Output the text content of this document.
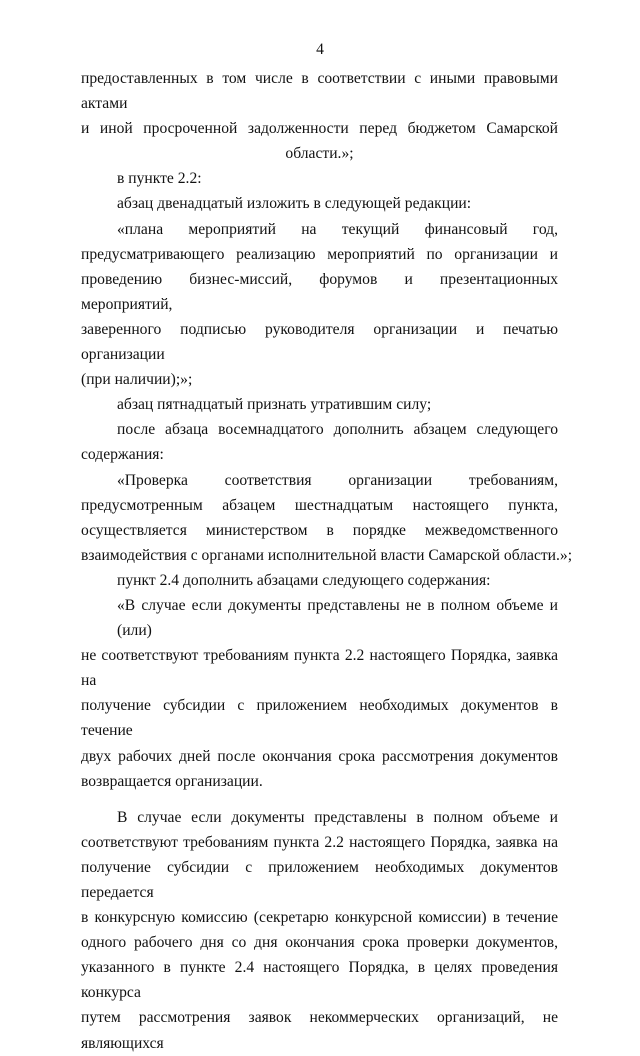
4
предоставленных в том числе в соответствии с иными правовыми актами
и иной просроченной задолженности перед бюджетом Самарской
области.»;
в пункте 2.2:
абзац двенадцатый изложить в следующей редакции:
«плана мероприятий на текущий финансовый год,
предусматривающего реализацию мероприятий по организации и
проведению бизнес-миссий, форумов и презентационных мероприятий,
заверенного подписью руководителя организации и печатью организации
(при наличии);»;
абзац пятнадцатый признать утратившим силу;
после абзаца восемнадцатого дополнить абзацем следующего
содержания:
«Проверка соответствия организации требованиям,
предусмотренным абзацем шестнадцатым настоящего пункта,
осуществляется министерством в порядке межведомственного
взаимодействия с органами исполнительной власти Самарской области.»;
пункт 2.4 дополнить абзацами следующего содержания:
«В случае если документы представлены не в полном объеме и (или)
не соответствуют требованиям пункта 2.2 настоящего Порядка, заявка на
получение субсидии с приложением необходимых документов в течение
двух рабочих дней после окончания срока рассмотрения документов
возвращается организации.
В случае если документы представлены в полном объеме и
соответствуют требованиям пункта 2.2 настоящего Порядка, заявка на
получение субсидии с приложением необходимых документов передается
в конкурсную комиссию (секретарю конкурсной комиссии) в течение
одного рабочего дня со дня окончания срока проверки документов,
указанного в пункте 2.4 настоящего Порядка, в целях проведения конкурса
путем рассмотрения заявок некоммерческих организаций, не являющихся
